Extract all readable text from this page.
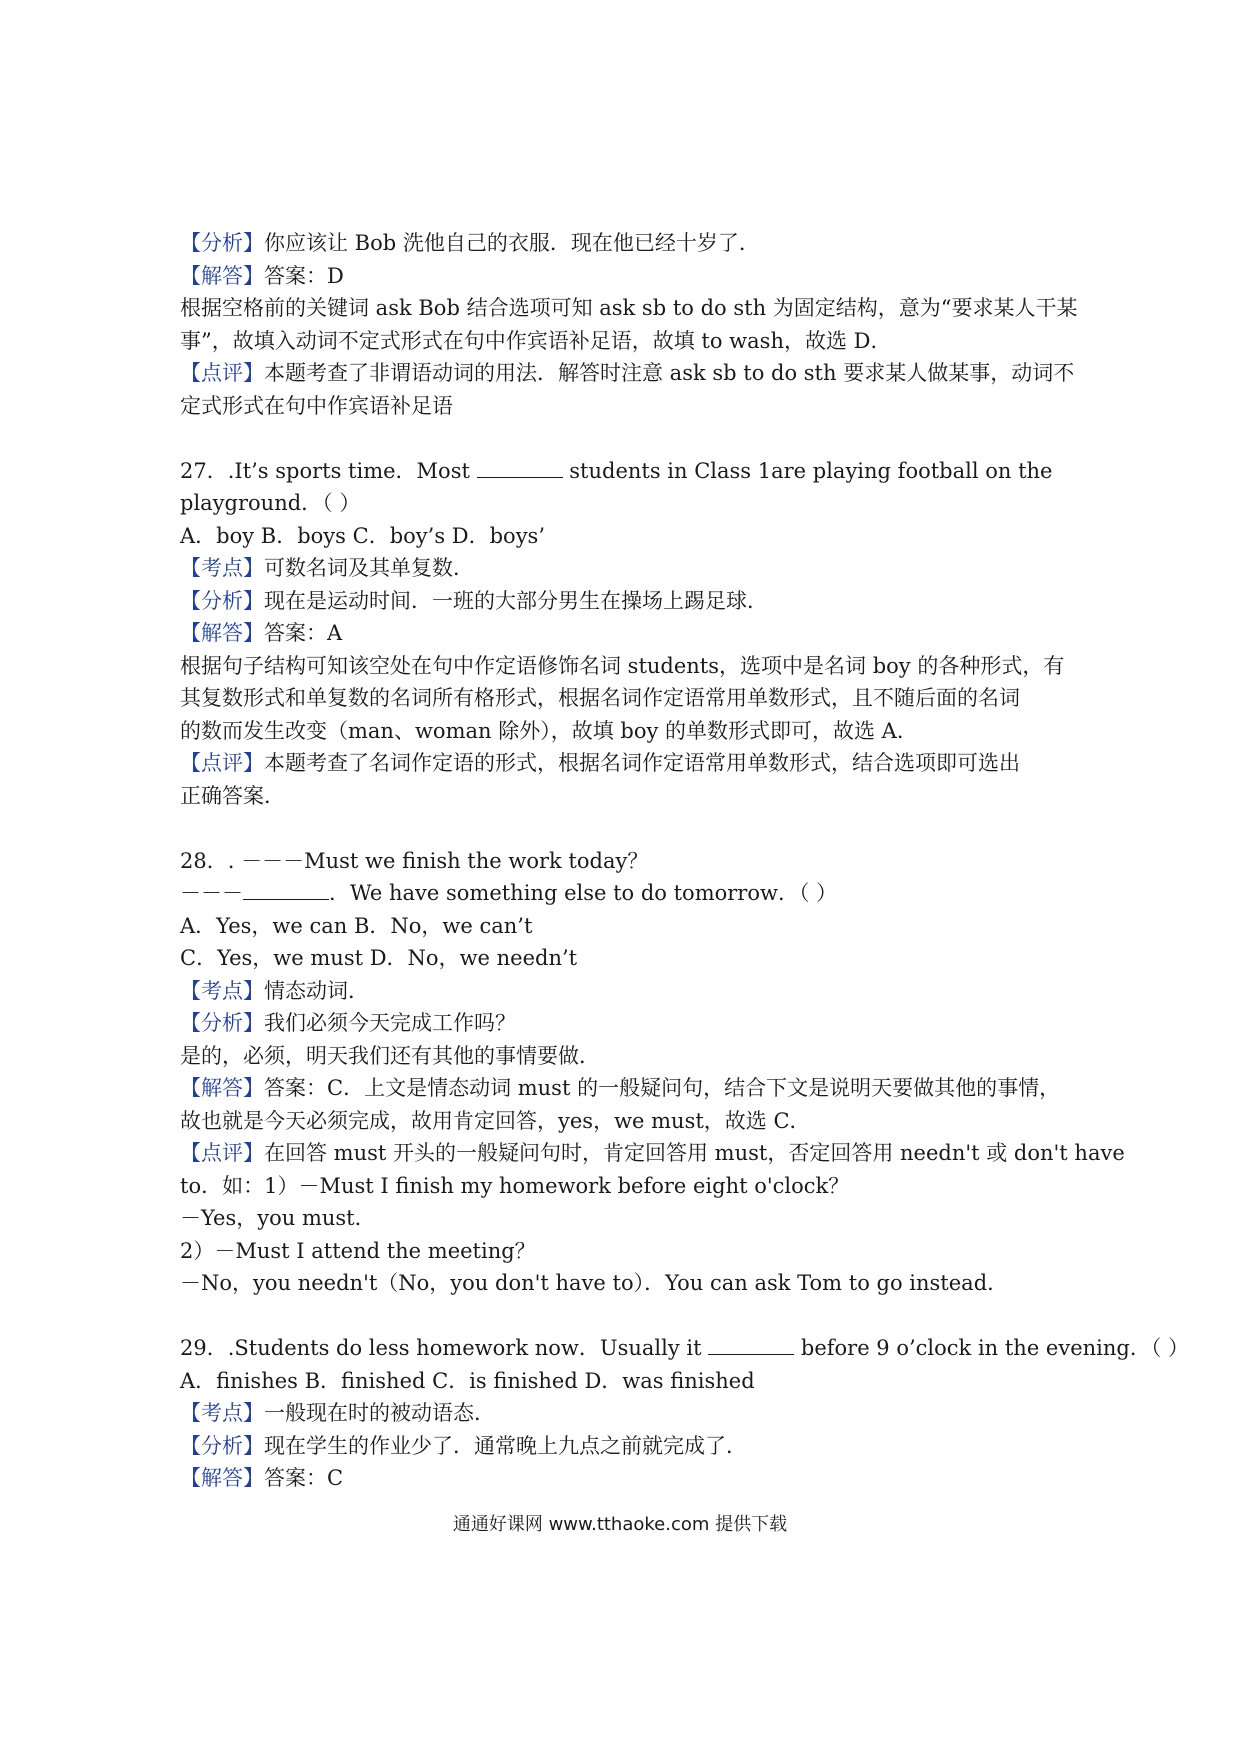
【分析】你应该让 Bob 洗他自己的衣服．现在他已经十岁了．
【解答】答案：D
根据空格前的关键词 ask Bob 结合选项可知 ask sb to do sth 为固定结构，意为“要求某人干某
事”，故填入动词不定式形式在句中作宾语补足语，故填 to wash，故选 D．
【点评】本题考查了非谓语动词的用法．解答时注意 ask sb to do sth 要求某人做某事，动词不
定式形式在句中作宾语补足语
27．.It’s sports time．Most	students in Class 1are playing football on the
playground．（ ）
A．boy B．boys C．boy’s D．boys’
【考点】可数名词及其单复数．
【分析】现在是运动时间．一班的大部分男生在操场上踢足球．
【解答】答案：A
根据句子结构可知该空处在句中作定语修饰名词 students，选项中是名词 boy 的各种形式，有
其复数形式和单复数的名词所有格形式，根据名词作定语常用单数形式，且不随后面的名词
的数而发生改变（man、woman 除外），故填 boy 的单数形式即可，故选 A．
【点评】本题考查了名词作定语的形式，根据名词作定语常用单数形式，结合选项即可选出
正确答案．
28．. －－－Must we finish the work today？
－－－	．We have something else to do tomorrow．（ ）
A．Yes，we can B．No，we can’t
C．Yes，we must D．No，we needn’t
【考点】情态动词．
【分析】我们必须今天完成工作吗？
是的，必须，明天我们还有其他的事情要做．
【解答】答案：C．上文是情态动词 must 的一般疑问句，结合下文是说明天要做其他的事情，
故也就是今天必须完成，故用肯定回答，yes，we must，故选 C．
【点评】在回答 must 开头的一般疑问句时，肯定回答用 must，否定回答用 needn't 或 don't have
to．如：1）－Must I finish my homework before eight o'clock？
－Yes，you must．
2）－Must I attend the meeting？
－No，you needn't（No，you don't have to）．You can ask Tom to go instead．
29．.Students do less homework now．Usually it	before 9 o’clock in the evening．（ ）
A．finishes B．finished C．is finished D．was finished
【考点】一般现在时的被动语态．
【分析】现在学生的作业少了．通常晚上九点之前就完成了．
【解答】答案：C
通通好课网 www.tthaoke.com 提供下载
